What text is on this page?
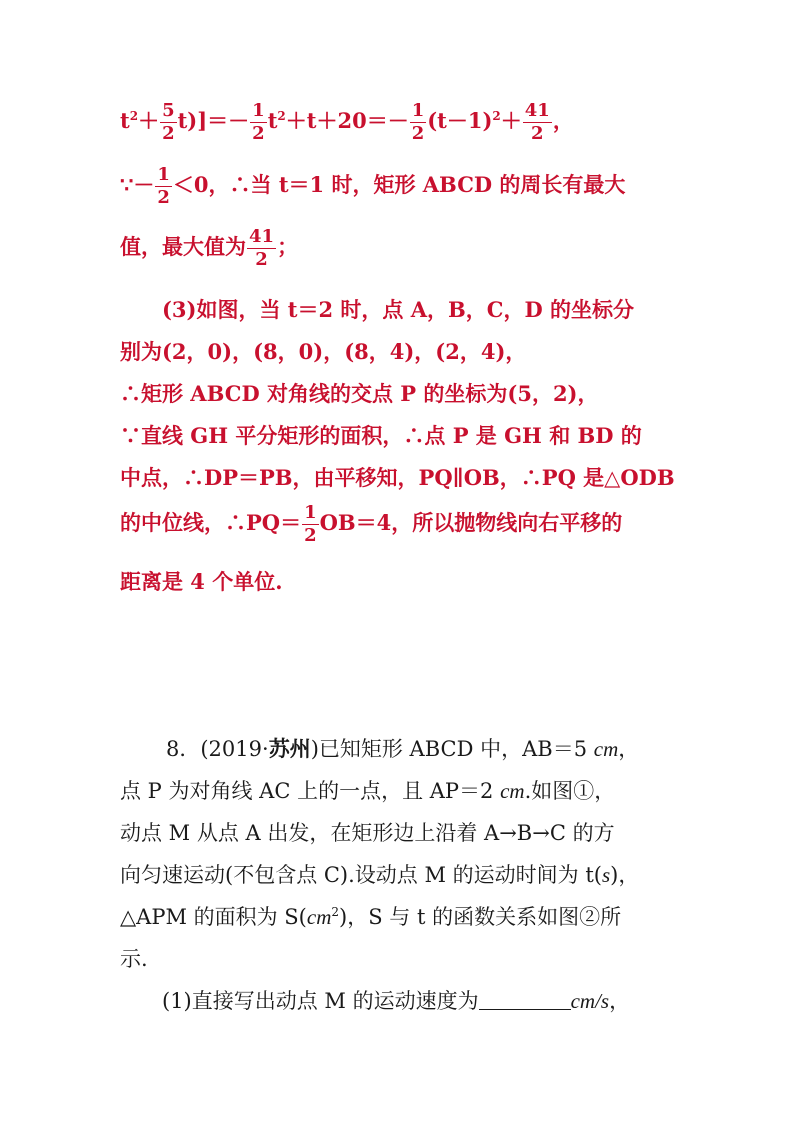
$t^2+ \frac{5}{2} t)]=- \frac{1}{2} t^2+t+20=- \frac{1}{2} (t-1)^2+ \frac{41}{2}$ ，
∵－ $\frac{1}{2} <0$，∴当 t＝1 时，矩形 ABCD 的周长有最大
值，最大值为 $\frac{41}{2}$ ；
(3)如图，当 t＝2 时，点 A，B，C，D 的坐标分
别为(2，0)，(8，0)，(8，4)，(2，4)，
∴矩形 ABCD 对角线的交点 P 的坐标为(5，2)，
∵直线 GH 平分矩形的面积，∴点 P 是 GH 和 BD 的
中点，∴DP＝PB，由平移知，PQ∥OB，∴PQ 是△ODB
的中位线，∴PQ＝ $\frac{1}{2} OB=4$，所以抛物线向右平移的
距离是 4 个单位.
8．(2019·苏州)已知矩形 ABCD 中，AB＝5 cm，
点 P 为对角线 AC 上的一点，且 AP＝2 cm.如图①，
动点 M 从点 A 出发，在矩形边上沿着 A→B→C 的方
向匀速运动(不包含点 C).设动点 M 的运动时间为 t(s)，
△APM 的面积为 $S(cm^2)$，S 与 t 的函数关系如图②所
示.
(1)直接写出动点 M 的运动速度为	cm/s，
